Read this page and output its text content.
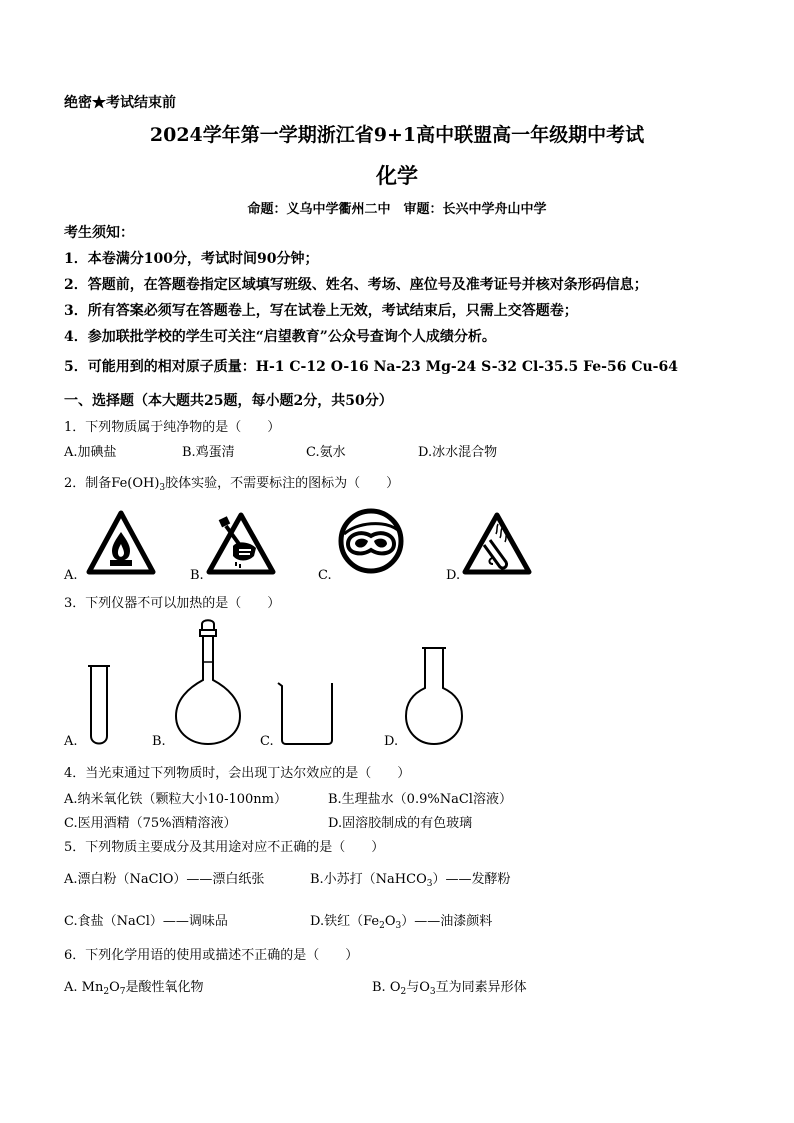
绝密★考试结束前
2024学年第一学期浙江省9+1高中联盟高一年级期中考试
化学
命题：义乌中学衢州二中　审题：长兴中学舟山中学
考生须知：
1．本卷满分100分，考试时间90分钟；
2．答题前，在答题卷指定区域填写班级、姓名、考场、座位号及准考证号并核对条形码信息；
3．所有答案必须写在答题卷上，写在试卷上无效，考试结束后，只需上交答题卷；
4．参加联批学校的学生可关注“启望教育”公众号查询个人成绩分析。
5．可能用到的相对原子质量：H-1 C-12 O-16 Na-23 Mg-24 S-32 Cl-35.5 Fe-56 Cu-64
一、选择题（本大题共25题，每小题2分，共50分）
1．下列物质属于纯净物的是（　　）
A.加碘盐	B.鸡蛋清	C.氨水	D.冰水混合物
2．制备$Fe(OH)_3$胶体实验，不需要标注的图标为（　　）
A.	B.	C.	D.
3．下列仪器不可以加热的是（　　）
A.	B.	C.	D.
4．当光束通过下列物质时，会出现丁达尔效应的是（　　）
A.纳米氧化铁（颗粒大小10-100nm）	B.生理盐水（0.9%NaCl溶液）
C.医用酒精（75%酒精溶液）	D.固溶胶制成的有色玻璃
5．下列物质主要成分及其用途对应不正确的是（　　）
A.漂白粉（NaClO）——漂白纸张	B.小苏打（NaHCO$_3$）——发酵粉
C.食盐（NaCl）——调味品	D.铁红$(Fe_2O_3)——$油漆颜料
6．下列化学用语的使用或描述不正确的是（　　）
A. $Mn_2O_7$是酸性氧化物	B. $O_2$与$O_3$互为同素异形体
